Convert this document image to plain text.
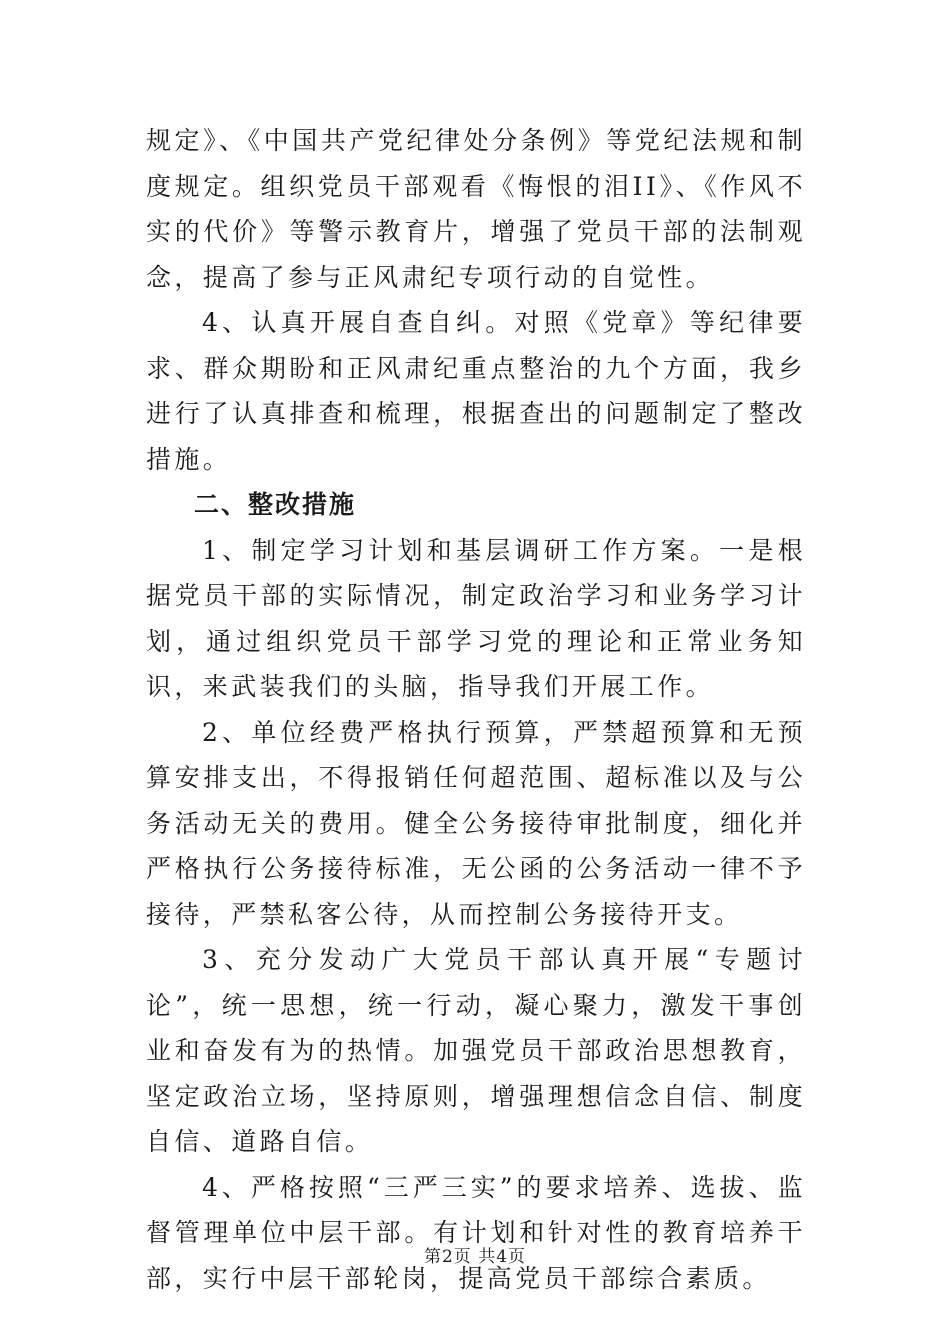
规定》、《中国共产党纪律处分条例》等党纪法规和制度规定。组织党员干部观看《悔恨的泪II》、《作风不实的代价》等警示教育片，增强了党员干部的法制观念，提高了参与正风肃纪专项行动的自觉性。

4、认真开展自查自纠。对照《党章》等纪律要求、群众期盼和正风肃纪重点整治的九个方面，我乡进行了认真排查和梳理，根据查出的问题制定了整改措施。

二、整改措施

1、制定学习计划和基层调研工作方案。一是根据党员干部的实际情况，制定政治学习和业务学习计划，通过组织党员干部学习党的理论和正常业务知识，来武装我们的头脑，指导我们开展工作。

2、单位经费严格执行预算，严禁超预算和无预算安排支出，不得报销任何超范围、超标准以及与公务活动无关的费用。健全公务接待审批制度，细化并严格执行公务接待标准，无公函的公务活动一律不予接待，严禁私客公待，从而控制公务接待开支。

3、充分发动广大党员干部认真开展“专题讨论”，统一思想，统一行动，凝心聚力，激发干事创业和奋发有为的热情。加强党员干部政治思想教育，坚定政治立场，坚持原则，增强理想信念自信、制度自信、道路自信。

4、严格按照“三严三实”的要求培养、选拔、监督管理单位中层干部。有计划和针对性的教育培养干部，实行中层干部轮岗，提高党员干部综合素质。

第2页 共4页
